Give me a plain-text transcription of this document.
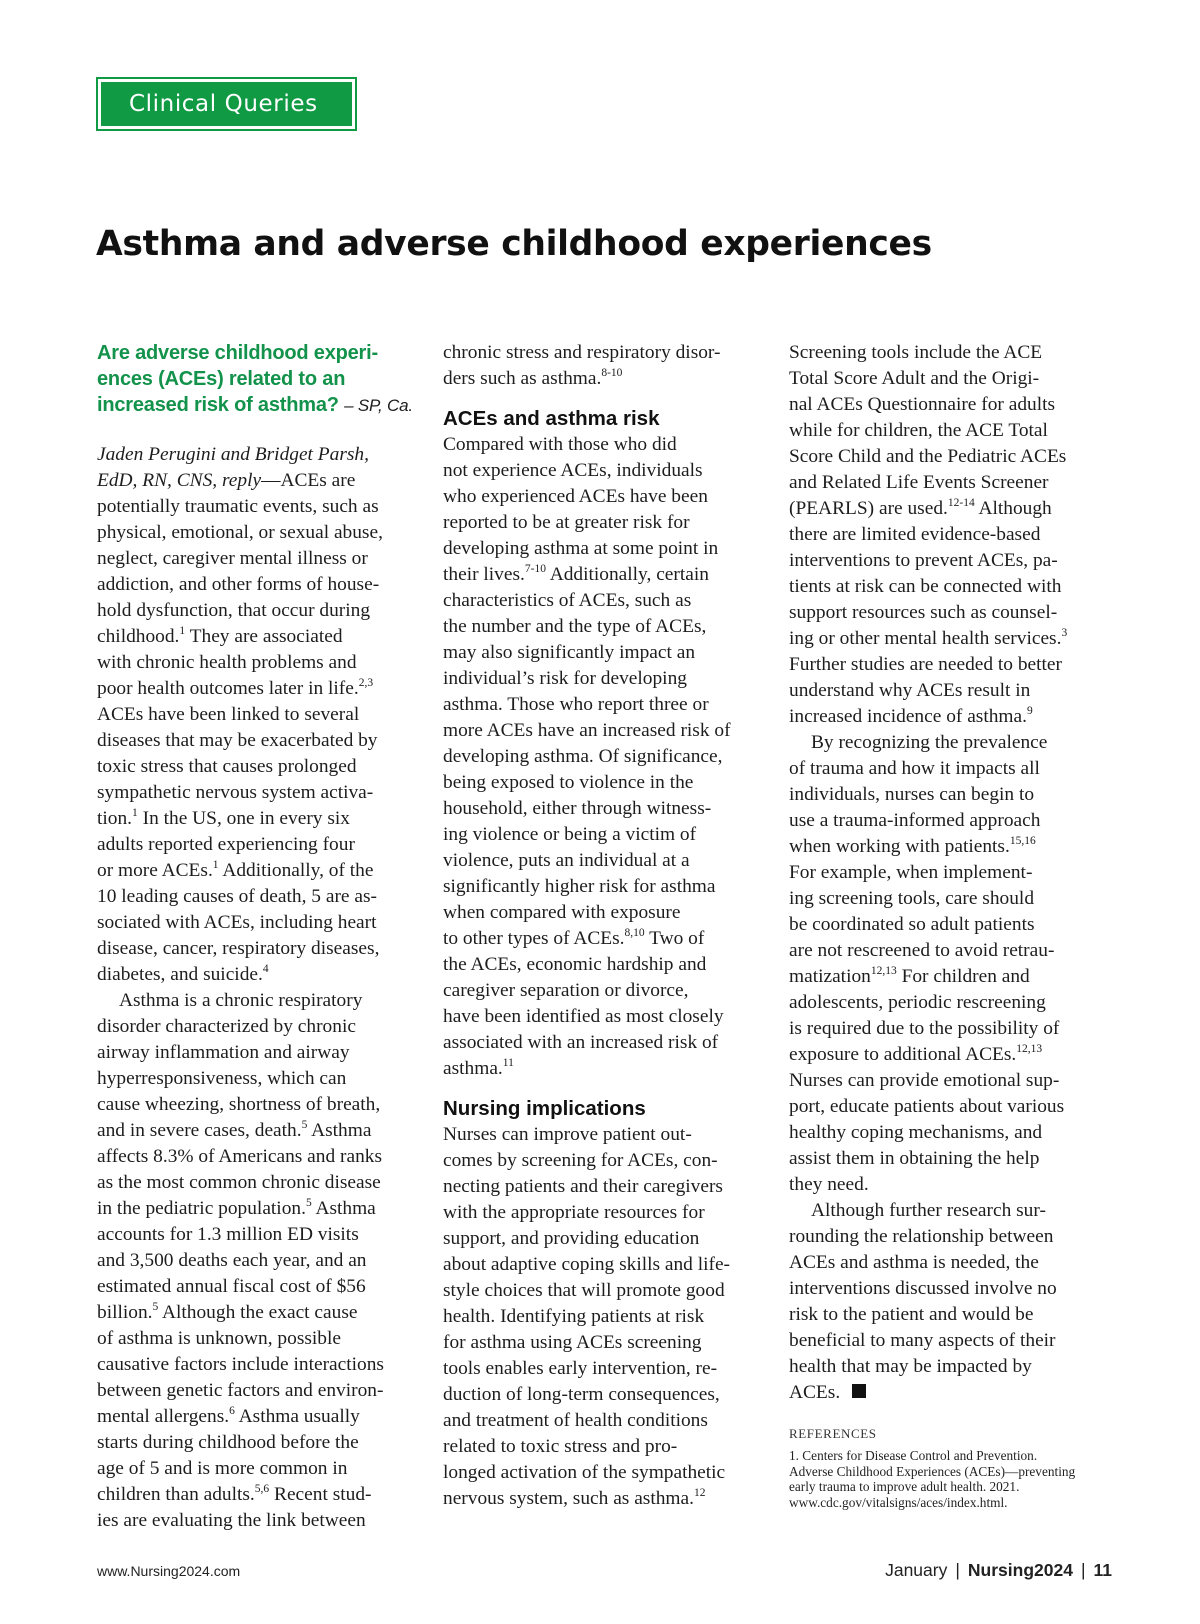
Clinical Queries
Asthma and adverse childhood experiences
Are adverse childhood experi-
ences (ACEs) related to an
increased risk of asthma? – SP, Ca.
Jaden Perugini and Bridget Parsh,
EdD, RN, CNS, reply—ACEs are
potentially traumatic events, such as
physical, emotional, or sexual abuse,
neglect, caregiver mental illness or
addiction, and other forms of house-
hold dysfunction, that occur during
childhood.$^1$ They are associated
with chronic health problems and
poor health outcomes later in life.$^{2,3}$
ACEs have been linked to several
diseases that may be exacerbated by
toxic stress that causes prolonged
sympathetic nervous system activa-
tion.$^1$ In the US, one in every six
adults reported experiencing four
or more ACEs.$^1$ Additionally, of the
10 leading causes of death, 5 are as-
sociated with ACEs, including heart
disease, cancer, respiratory diseases,
diabetes, and suicide.$^4$
Asthma is a chronic respiratory
disorder characterized by chronic
airway inflammation and airway
hyperresponsiveness, which can
cause wheezing, shortness of breath,
and in severe cases, death.$^5$ Asthma
affects 8.3% of Americans and ranks
as the most common chronic disease
in the pediatric population.$^5$ Asthma
accounts for 1.3 million ED visits
and 3,500 deaths each year, and an
estimated annual fiscal cost of $56
billion.$^5$ Although the exact cause
of asthma is unknown, possible
causative factors include interactions
between genetic factors and environ-
mental allergens.$^6$ Asthma usually
starts during childhood before the
age of 5 and is more common in
children than adults.$^{5,6}$ Recent stud-
ies are evaluating the link between
chronic stress and respiratory disor-
ders such as asthma.$^{8-10}$
ACEs and asthma risk
Compared with those who did
not experience ACEs, individuals
who experienced ACEs have been
reported to be at greater risk for
developing asthma at some point in
their lives.$^{7-10}$ Additionally, certain
characteristics of ACEs, such as
the number and the type of ACEs,
may also significantly impact an
individual’s risk for developing
asthma. Those who report three or
more ACEs have an increased risk of
developing asthma. Of significance,
being exposed to violence in the
household, either through witness-
ing violence or being a victim of
violence, puts an individual at a
significantly higher risk for asthma
when compared with exposure
to other types of ACEs.$^{8,10}$ Two of
the ACEs, economic hardship and
caregiver separation or divorce,
have been identified as most closely
associated with an increased risk of
asthma.$^{11}$
Nursing implications
Nurses can improve patient out-
comes by screening for ACEs, con-
necting patients and their caregivers
with the appropriate resources for
support, and providing education
about adaptive coping skills and life-
style choices that will promote good
health. Identifying patients at risk
for asthma using ACEs screening
tools enables early intervention, re-
duction of long-term consequences,
and treatment of health conditions
related to toxic stress and pro-
longed activation of the sympathetic
nervous system, such as asthma.$^{12}$
Screening tools include the ACE
Total Score Adult and the Origi-
nal ACEs Questionnaire for adults
while for children, the ACE Total
Score Child and the Pediatric ACEs
and Related Life Events Screener
(PEARLS) are used.$^{12-14}$ Although
there are limited evidence-based
interventions to prevent ACEs, pa-
tients at risk can be connected with
support resources such as counsel-
ing or other mental health services.$^3$
Further studies are needed to better
understand why ACEs result in
increased incidence of asthma.$^9$
By recognizing the prevalence
of trauma and how it impacts all
individuals, nurses can begin to
use a trauma-informed approach
when working with patients.$^{15,16}$
For example, when implement-
ing screening tools, care should
be coordinated so adult patients
are not rescreened to avoid retrau-
matization$^{12,13}$ For children and
adolescents, periodic rescreening
is required due to the possibility of
exposure to additional ACEs.$^{12,13}$
Nurses can provide emotional sup-
port, educate patients about various
healthy coping mechanisms, and
assist them in obtaining the help
they need.
Although further research sur-
rounding the relationship between
ACEs and asthma is needed, the
interventions discussed involve no
risk to the patient and would be
beneficial to many aspects of their
health that may be impacted by
ACEs.
REFERENCES
1. Centers for Disease Control and Prevention.
Adverse Childhood Experiences (ACEs)—preventing
early trauma to improve adult health. 2021.
www.cdc.gov/vitalsigns/aces/index.html.
www.Nursing2024.com	January | Nursing2024 | 11
